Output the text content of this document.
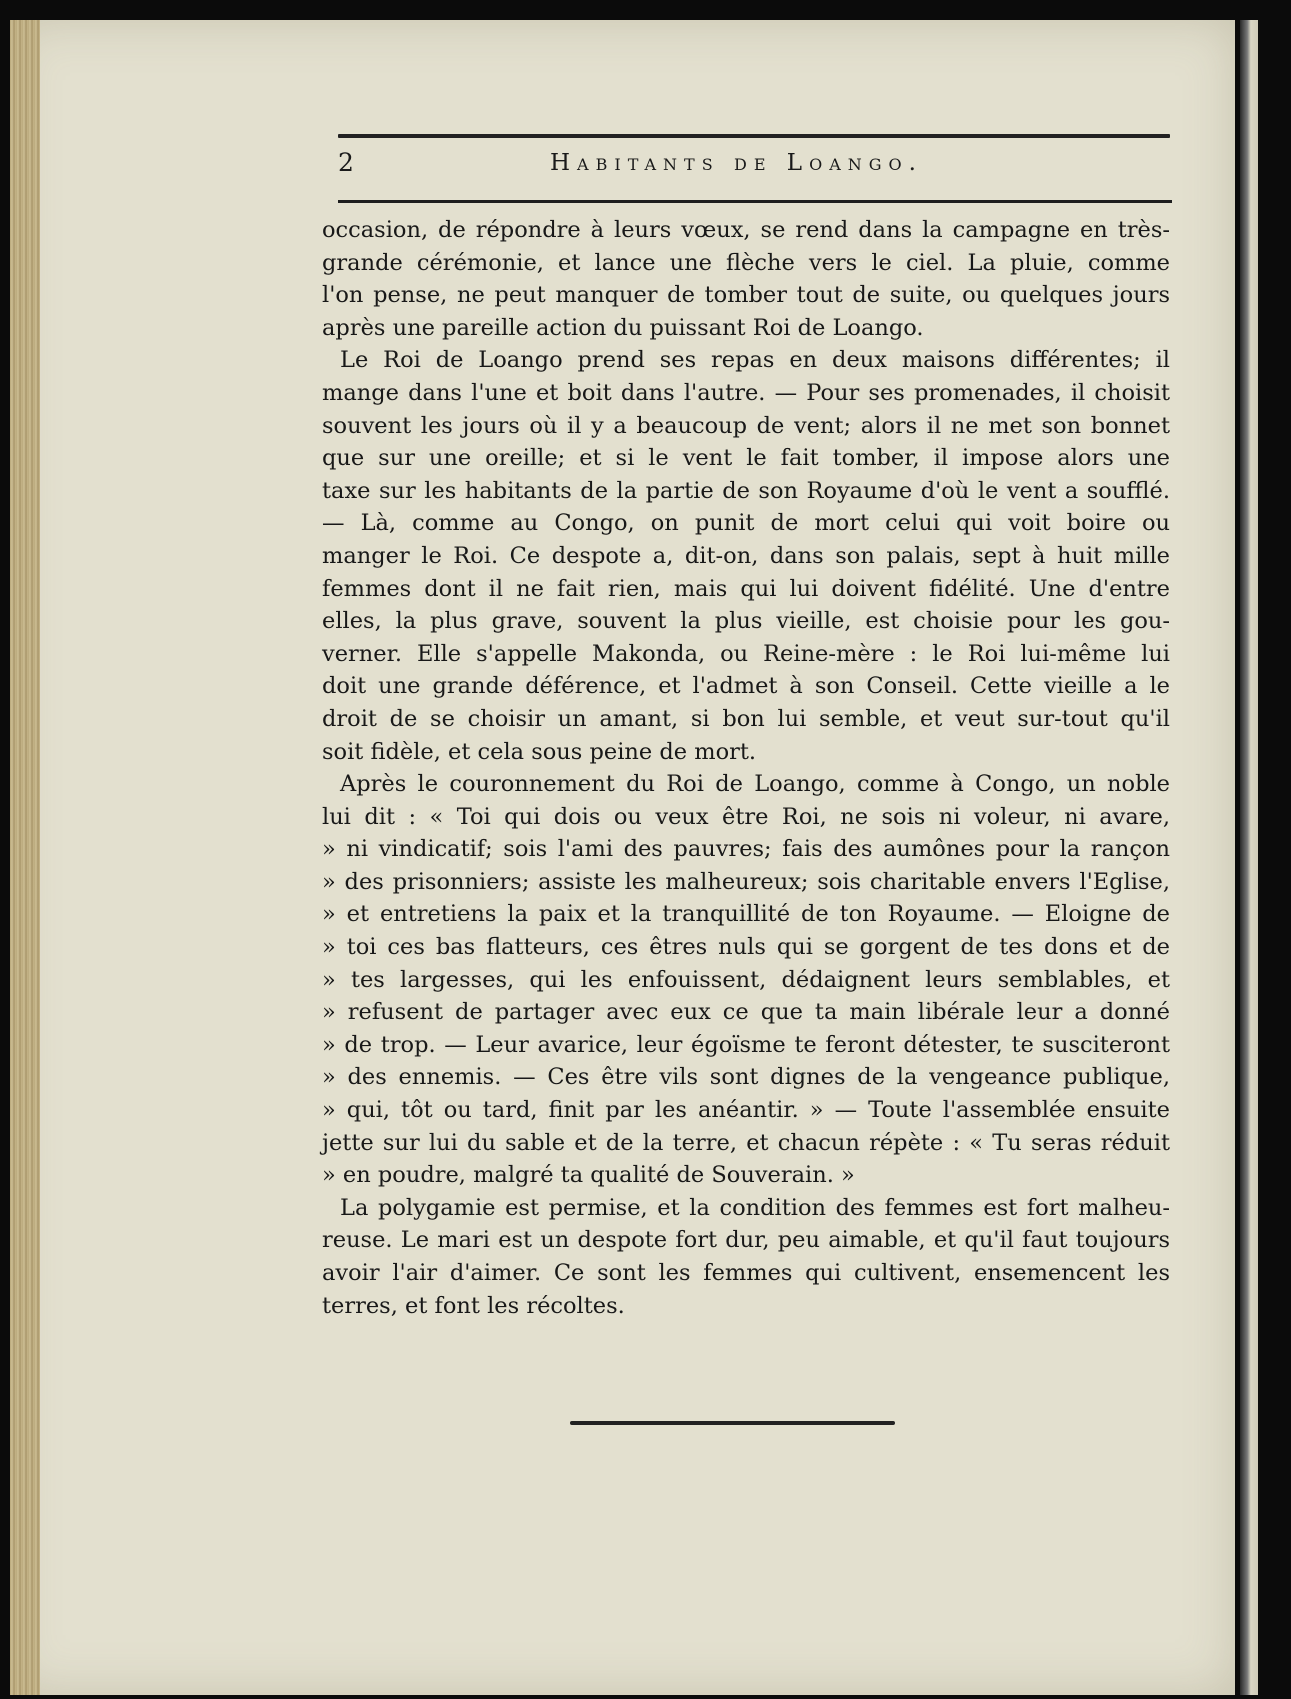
2	Habitants de Loango.
occasion, de répondre à leurs vœux, se rend dans la campagne en très-
grande cérémonie, et lance une flèche vers le ciel. La pluie, comme
l'on pense, ne peut manquer de tomber tout de suite, ou quelques jours
après une pareille action du puissant Roi de Loango.
Le Roi de Loango prend ses repas en deux maisons différentes; il
mange dans l'une et boit dans l'autre. — Pour ses promenades, il choisit
souvent les jours où il y a beaucoup de vent; alors il ne met son bonnet
que sur une oreille; et si le vent le fait tomber, il impose alors une
taxe sur les habitants de la partie de son Royaume d'où le vent a soufflé.
— Là, comme au Congo, on punit de mort celui qui voit boire ou
manger le Roi. Ce despote a, dit-on, dans son palais, sept à huit mille
femmes dont il ne fait rien, mais qui lui doivent fidélité. Une d'entre
elles, la plus grave, souvent la plus vieille, est choisie pour les gou-
verner. Elle s'appelle Makonda, ou Reine-mère : le Roi lui-même lui
doit une grande déférence, et l'admet à son Conseil. Cette vieille a le
droit de se choisir un amant, si bon lui semble, et veut sur-tout qu'il
soit fidèle, et cela sous peine de mort.
Après le couronnement du Roi de Loango, comme à Congo, un noble
lui dit : « Toi qui dois ou veux être Roi, ne sois ni voleur, ni avare,
» ni vindicatif; sois l'ami des pauvres; fais des aumônes pour la rançon
» des prisonniers; assiste les malheureux; sois charitable envers l'Eglise,
» et entretiens la paix et la tranquillité de ton Royaume. — Eloigne de
» toi ces bas flatteurs, ces êtres nuls qui se gorgent de tes dons et de
» tes largesses, qui les enfouissent, dédaignent leurs semblables, et
» refusent de partager avec eux ce que ta main libérale leur a donné
» de trop. — Leur avarice, leur égoïsme te feront détester, te susciteront
» des ennemis. — Ces être vils sont dignes de la vengeance publique,
» qui, tôt ou tard, finit par les anéantir. » — Toute l'assemblée ensuite
jette sur lui du sable et de la terre, et chacun répète : « Tu seras réduit
» en poudre, malgré ta qualité de Souverain. »
La polygamie est permise, et la condition des femmes est fort malheu-
reuse. Le mari est un despote fort dur, peu aimable, et qu'il faut toujours
avoir l'air d'aimer. Ce sont les femmes qui cultivent, ensemencent les
terres, et font les récoltes.
